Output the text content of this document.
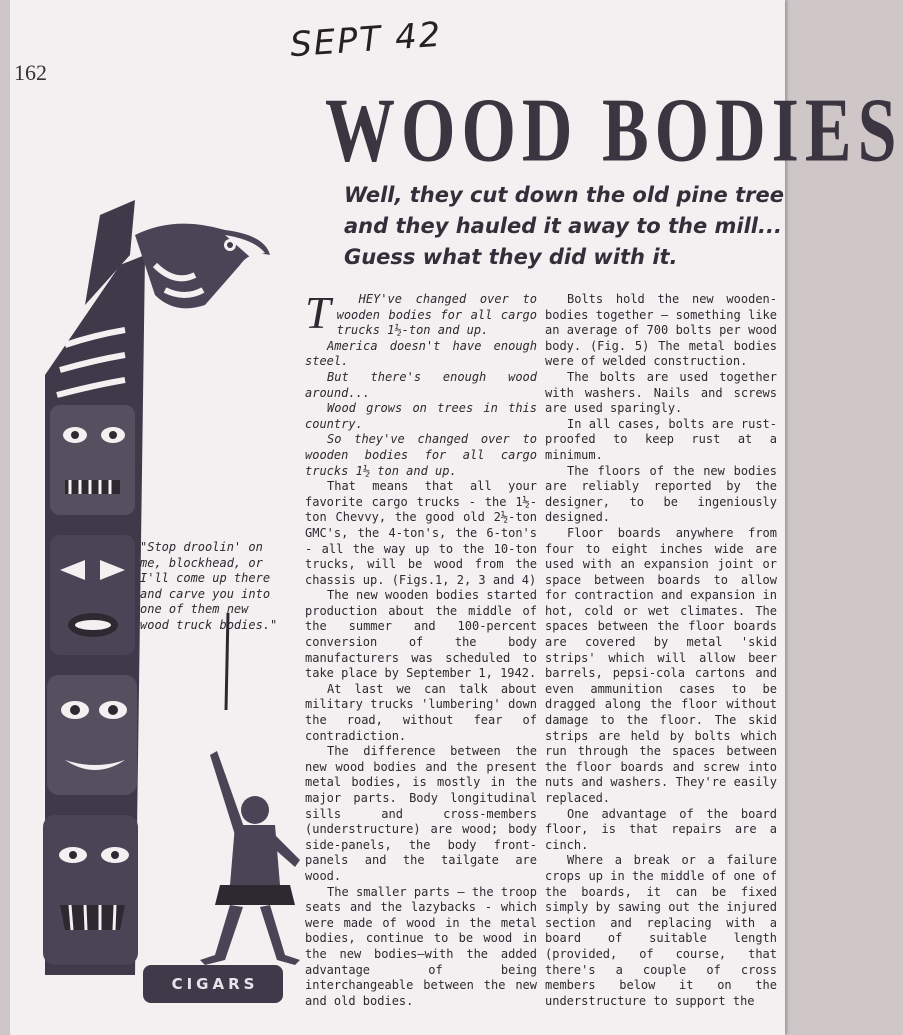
162
SEPT 42
WOOD BODIES
Well, they cut down the old pine tree
and they hauled it away to the mill...
Guess what they did with it.
CIGARS
"Stop droolin' on me, blockhead, or I'll come up there and carve you into one of them new wood truck bodies."

T HEY've changed over to wooden bodies for all cargo trucks 1½-ton and up.

America doesn't have enough steel.

But there's enough wood around...

Wood grows on trees in this country.

So they've changed over to wooden bodies for all cargo trucks 1½ ton and up.

That means that all your favorite cargo trucks - the 1½-ton Chevvy, the good old 2½-ton GMC's, the 4-ton's, the 6-ton's - all the way up to the 10-ton trucks, will be wood from the chassis up. (Figs.1, 2, 3 and 4)

The new wooden bodies started production about the middle of the summer and 100-percent conversion of the body manufacturers was scheduled to take place by September 1, 1942.

At last we can talk about military trucks 'lumbering' down the road, without fear of contradiction.

The difference between the new wood bodies and the present metal bodies, is mostly in the major parts. Body longitudinal sills and cross-members (understructure) are wood; body side-panels, the body front-panels and the tailgate are wood.

The smaller parts — the troop seats and the lazybacks - which were made of wood in the metal bodies, continue to be wood in the new bodies—with the added advantage of being interchangeable between the new and old bodies.

Bolts hold the new wooden-bodies together — something like an average of 700 bolts per wood body. (Fig. 5) The metal bodies were of welded construction.

The bolts are used together with washers. Nails and screws are used sparingly.

In all cases, bolts are rust-proofed to keep rust at a minimum.

The floors of the new bodies are reliably reported by the designer, to be ingeniously designed.

Floor boards anywhere from four to eight inches wide are used with an expansion joint or space between boards to allow for contraction and expansion in hot, cold or wet climates. The spaces between the floor boards are covered by metal 'skid strips' which will allow beer barrels, pepsi-cola cartons and even ammunition cases to be dragged along the floor without damage to the floor. The skid strips are held by bolts which run through the spaces between the floor boards and screw into nuts and washers. They're easily replaced.

One advantage of the board floor, is that repairs are a cinch.

Where a break or a failure crops up in the middle of one of the boards, it can be fixed simply by sawing out the injured section and replacing with a board of suitable length (provided, of course, that there's a couple of cross members below it on the understructure to support the
